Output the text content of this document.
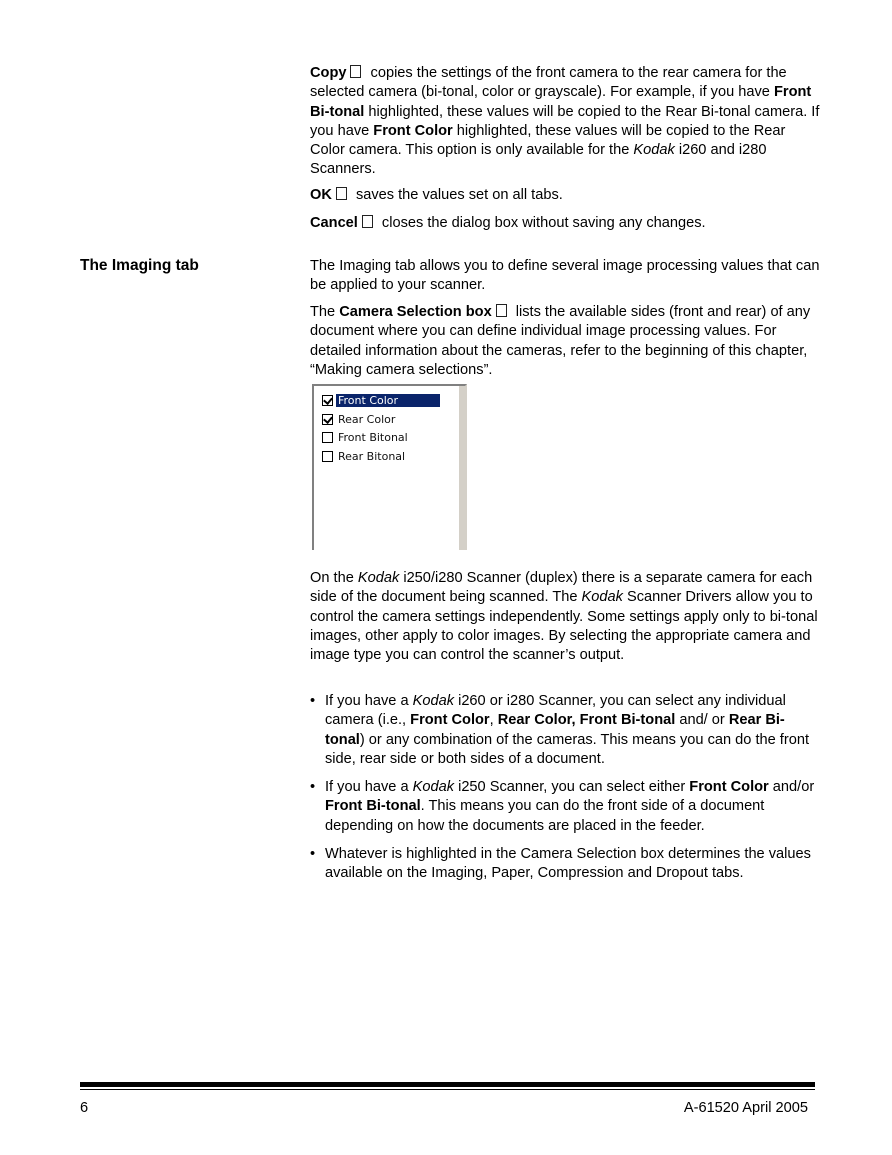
Copy copies the settings of the front camera to the rear camera for the selected camera (bi-tonal, color or grayscale). For example, if you have Front Bi-tonal highlighted, these values will be copied to the Rear Bi-tonal camera. If you have Front Color highlighted, these values will be copied to the Rear Color camera. This option is only available for the Kodak i260 and i280 Scanners.

OK saves the values set on all tabs.

Cancel closes the dialog box without saving any changes.

The Imaging tab	The Imaging tab allows you to define several image processing values that can be applied to your scanner.

The Camera Selection box lists the available sides (front and rear) of any document where you can define individual image processing values. For detailed information about the cameras, refer to the beginning of this chapter, “Making camera selections”.

Front Color
Rear Color
Front Bitonal
Rear Bitonal

On the Kodak i250/i280 Scanner (duplex) there is a separate camera for each side of the document being scanned. The Kodak Scanner Drivers allow you to control the camera settings independently. Some settings apply only to bi-tonal images, other apply to color images. By selecting the appropriate camera and image type you can control the scanner’s output.

• If you have a Kodak i260 or i280 Scanner, you can select any individual camera (i.e., Front Color, Rear Color, Front Bi-tonal and/ or Rear Bi-tonal) or any combination of the cameras. This means you can do the front side, rear side or both sides of a document.
• If you have a Kodak i250 Scanner, you can select either Front Color and/or Front Bi-tonal. This means you can do the front side of a document depending on how the documents are placed in the feeder.
• Whatever is highlighted in the Camera Selection box determines the values available on the Imaging, Paper, Compression and Dropout tabs.
6	A-61520 April 2005
